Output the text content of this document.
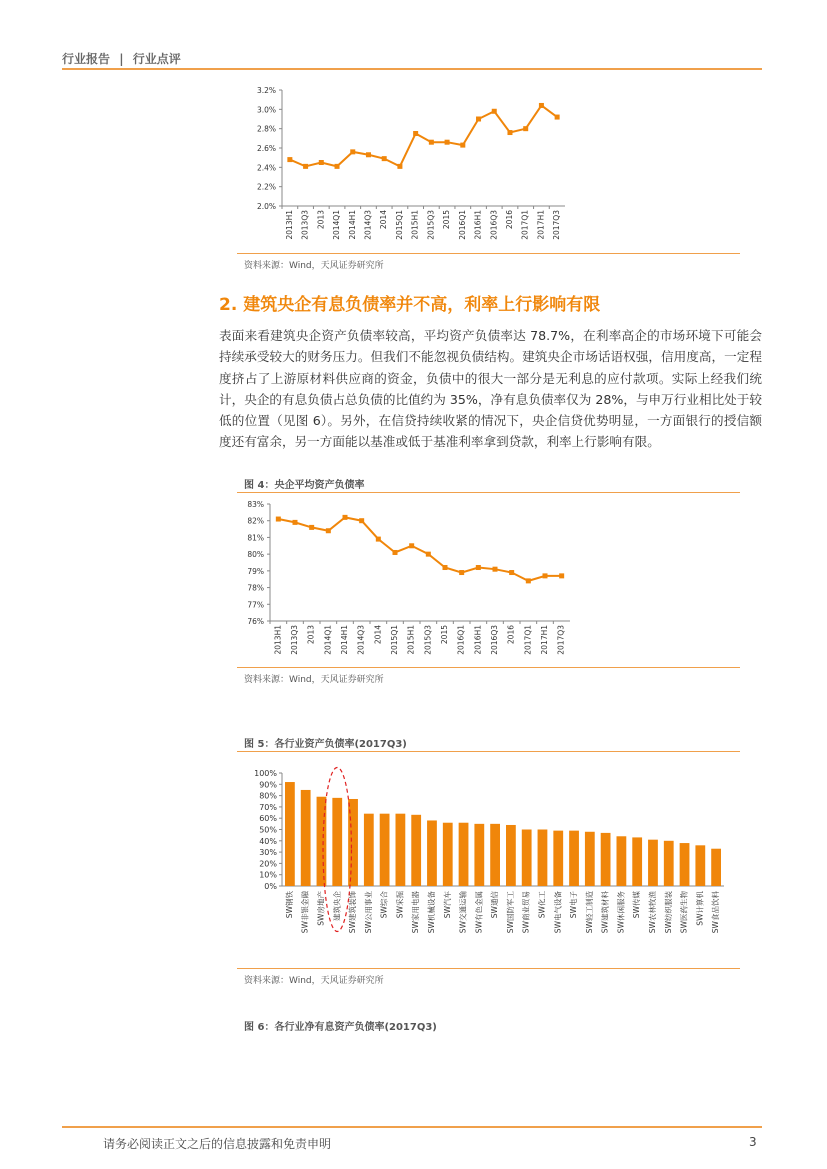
行业报告 | 行业点评
2.0%
2.2%
2.4%
2.6%
2.8%
3.0%
3.2%
2013H1 2013Q3 2013 2014Q1 2014H1 2014Q3 2014 2015Q1 2015H1 2015Q3 2015 2016Q1 2016H1 2016Q3 2016 2017Q1 2017H1 2017Q3
资料来源：Wind，天风证券研究所
2. 建筑央企有息负债率并不高，利率上行影响有限
表面来看建筑央企资产负债率较高，平均资产负债率达 78.7%，在利率高企的市场环境下可能会持续承受较大的财务压力。但我们不能忽视负债结构。建筑央企市场话语权强，信用度高，一定程度挤占了上游原材料供应商的资金，负债中的很大一部分是无利息的应付款项。实际上经我们统计，央企的有息负债占总负债的比值约为 35%，净有息负债率仅为 28%，与申万行业相比处于较低的位置（见图 6）。另外，在信贷持续收紧的情况下，央企信贷优势明显，一方面银行的授信额度还有富余，另一方面能以基准或低于基准利率拿到贷款，利率上行影响有限。
图 4：央企平均资产负债率
76%
77%
78%
79%
80%
81%
82%
83%
2013H1 2013Q3 2013 2014Q1 2014H1 2014Q3 2014 2015Q1 2015H1 2015Q3 2015 2016Q1 2016H1 2016Q3 2016 2017Q1 2017H1 2017Q3
资料来源：Wind，天风证券研究所
图 5：各行业资产负债率(2017Q3)
0%
10%
20%
30%
40%
50%
60%
70%
80%
90%
100%
SW钢铁 SW非银金融 SW房地产 建筑央企 SW建筑装饰 SW公用事业 SW综合 SW采掘 SW家用电器 SW机械设备 SW汽车 SW交通运输 SW有色金属 SW通信 SW国防军工 SW商业贸易 SW化工 SW电气设备 SW电子 SW轻工制造 SW建筑材料 SW休闲服务 SW传媒 SW农林牧渔 SW纺织服装 SW医药生物 SW计算机 SW食品饮料
资料来源：Wind，天风证券研究所
图 6：各行业净有息资产负债率(2017Q3)
请务必阅读正文之后的信息披露和免责申明	3
